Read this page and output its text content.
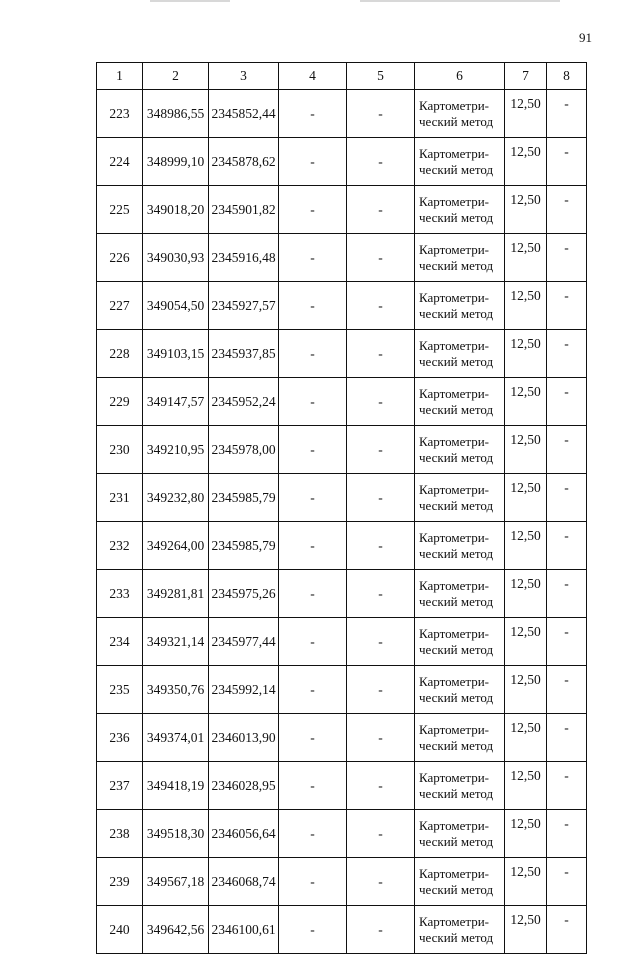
91
1	2	3	4	5	6	7	8
223	348986,55	2345852,44	-	-	Картометри-
ческий метод	12,50	-
224	348999,10	2345878,62	-	-	Картометри-
ческий метод	12,50	-
225	349018,20	2345901,82	-	-	Картометри-
ческий метод	12,50	-
226	349030,93	2345916,48	-	-	Картометри-
ческий метод	12,50	-
227	349054,50	2345927,57	-	-	Картометри-
ческий метод	12,50	-
228	349103,15	2345937,85	-	-	Картометри-
ческий метод	12,50	-
229	349147,57	2345952,24	-	-	Картометри-
ческий метод	12,50	-
230	349210,95	2345978,00	-	-	Картометри-
ческий метод	12,50	-
231	349232,80	2345985,79	-	-	Картометри-
ческий метод	12,50	-
232	349264,00	2345985,79	-	-	Картометри-
ческий метод	12,50	-
233	349281,81	2345975,26	-	-	Картометри-
ческий метод	12,50	-
234	349321,14	2345977,44	-	-	Картометри-
ческий метод	12,50	-
235	349350,76	2345992,14	-	-	Картометри-
ческий метод	12,50	-
236	349374,01	2346013,90	-	-	Картометри-
ческий метод	12,50	-
237	349418,19	2346028,95	-	-	Картометри-
ческий метод	12,50	-
238	349518,30	2346056,64	-	-	Картометри-
ческий метод	12,50	-
239	349567,18	2346068,74	-	-	Картометри-
ческий метод	12,50	-
240	349642,56	2346100,61	-	-	Картометри-
ческий метод	12,50	-
